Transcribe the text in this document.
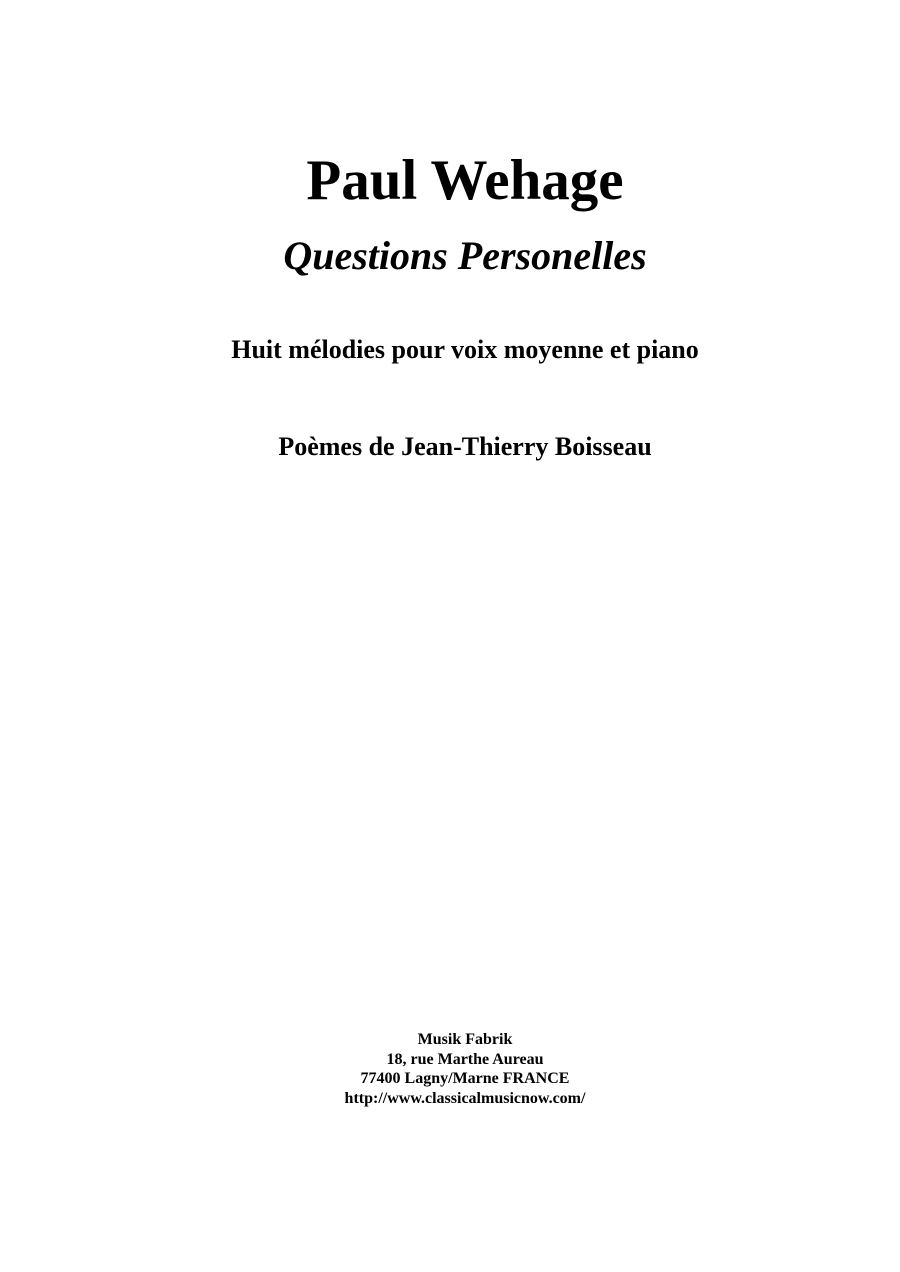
Paul Wehage
Questions Personelles
Huit mélodies pour voix moyenne et piano
Poèmes de Jean-Thierry Boisseau
Musik Fabrik
18, rue Marthe Aureau
77400 Lagny/Marne FRANCE
http://www.classicalmusicnow.com/
